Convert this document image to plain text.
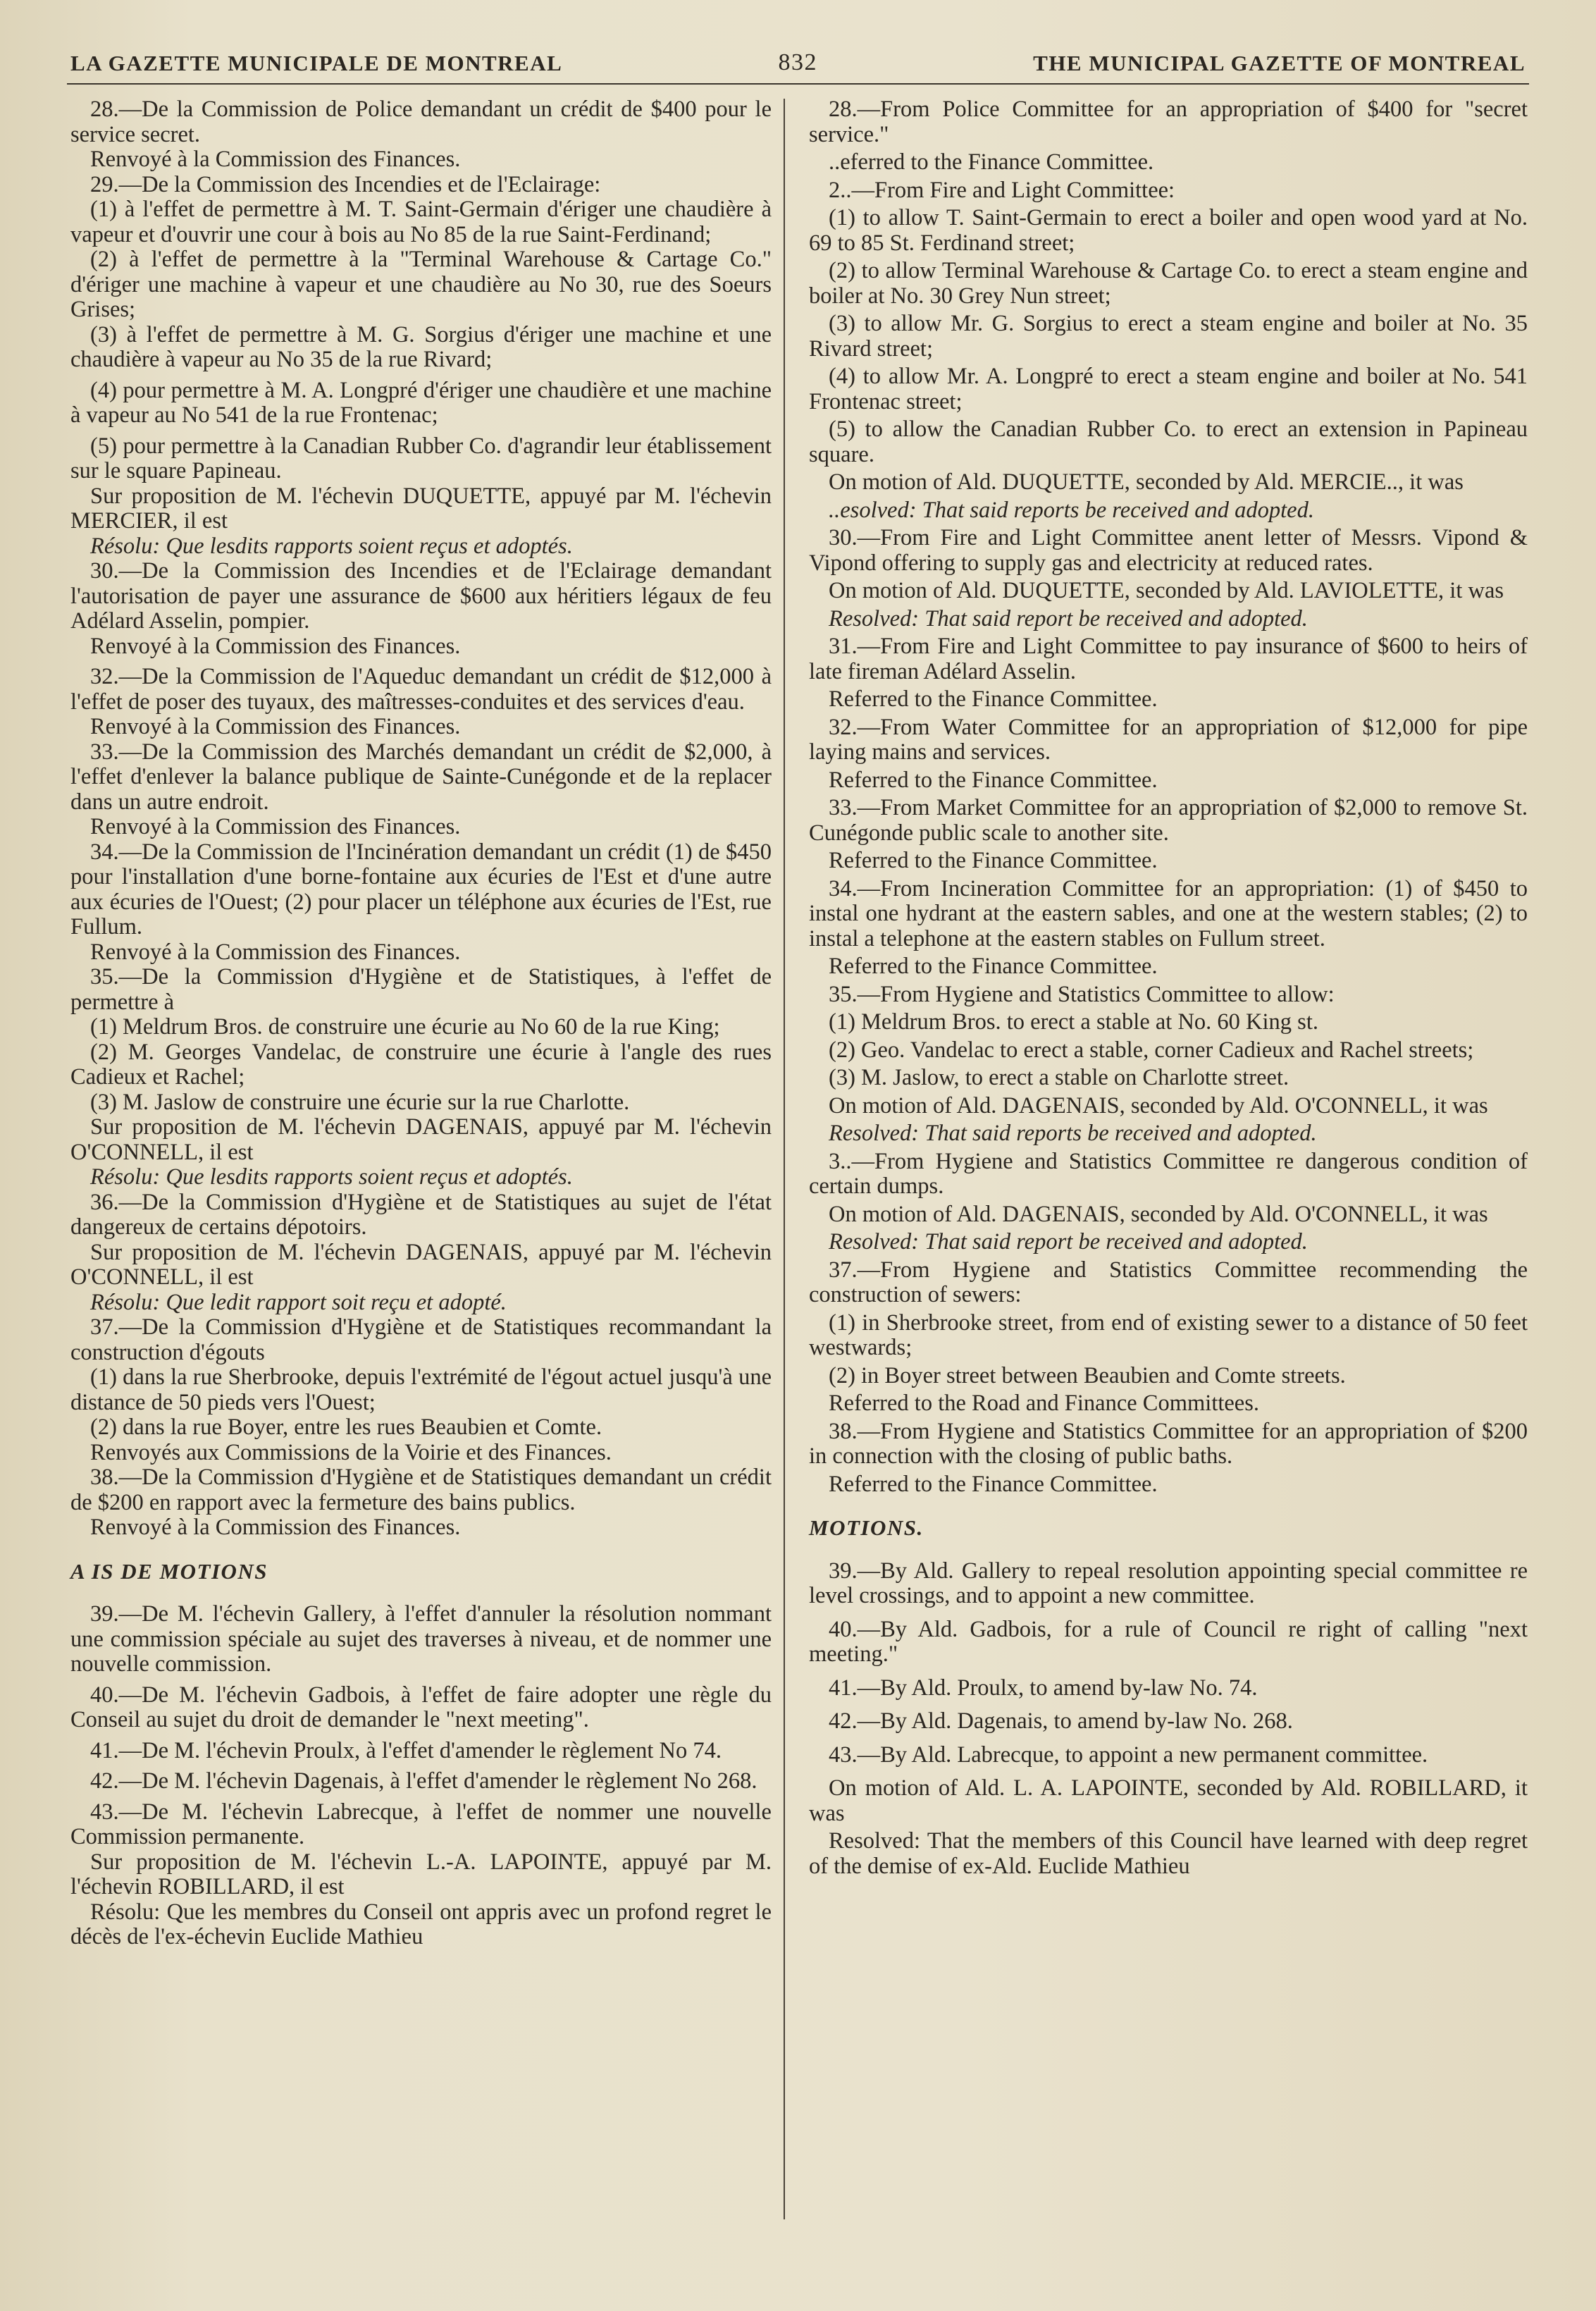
LA GAZETTE MUNICIPALE DE MONTREAL	832	THE MUNICIPAL GAZETTE OF MONTREAL

28.—De la Commission de Police demandant un crédit de $400 pour le service secret.

Renvoyé à la Commission des Finances.

29.—De la Commission des Incendies et de l'Eclairage:

(1) à l'effet de permettre à M. T. Saint-Germain d'ériger une chaudière à vapeur et d'ouvrir une cour à bois au No 85 de la rue Saint-Ferdinand;

(2) à l'effet de permettre à la "Terminal Warehouse & Cartage Co." d'ériger une machine à vapeur et une chaudière au No 30, rue des Soeurs Grises;

(3) à l'effet de permettre à M. G. Sorgius d'ériger une machine et une chaudière à vapeur au No 35 de la rue Rivard;

(4) pour permettre à M. A. Longpré d'ériger une chaudière et une machine à vapeur au No 541 de la rue Frontenac;

(5) pour permettre à la Canadian Rubber Co. d'agrandir leur établissement sur le square Papineau.

Sur proposition de M. l'échevin DUQUETTE, appuyé par M. l'échevin MERCIER, il est

Résolu: Que lesdits rapports soient reçus et adoptés.

30.—De la Commission des Incendies et de l'Eclairage demandant l'autorisation de payer une assurance de $600 aux héritiers légaux de feu Adélard Asselin, pompier.

Renvoyé à la Commission des Finances.

32.—De la Commission de l'Aqueduc demandant un crédit de $12,000 à l'effet de poser des tuyaux, des maîtresses-conduites et des services d'eau.

Renvoyé à la Commission des Finances.

33.—De la Commission des Marchés demandant un crédit de $2,000, à l'effet d'enlever la balance publique de Sainte-Cunégonde et de la replacer dans un autre endroit.

Renvoyé à la Commission des Finances.

34.—De la Commission de l'Incinération demandant un crédit (1) de $450 pour l'installation d'une borne-fontaine aux écuries de l'Est et d'une autre aux écuries de l'Ouest; (2) pour placer un téléphone aux écuries de l'Est, rue Fullum.

Renvoyé à la Commission des Finances.

35.—De la Commission d'Hygiène et de Statistiques, à l'effet de permettre à

(1) Meldrum Bros. de construire une écurie au No 60 de la rue King;

(2) M. Georges Vandelac, de construire une écurie à l'angle des rues Cadieux et Rachel;

(3) M. Jaslow de construire une écurie sur la rue Charlotte.

Sur proposition de M. l'échevin DAGENAIS, appuyé par M. l'échevin O'CONNELL, il est

Résolu: Que lesdits rapports soient reçus et adoptés.

36.—De la Commission d'Hygiène et de Statistiques au sujet de l'état dangereux de certains dépotoirs.

Sur proposition de M. l'échevin DAGENAIS, appuyé par M. l'échevin O'CONNELL, il est

Résolu: Que ledit rapport soit reçu et adopté.

37.—De la Commission d'Hygiène et de Statistiques recommandant la construction d'égouts

(1) dans la rue Sherbrooke, depuis l'extrémité de l'égout actuel jusqu'à une distance de 50 pieds vers l'Ouest;

(2) dans la rue Boyer, entre les rues Beaubien et Comte.

Renvoyés aux Commissions de la Voirie et des Finances.

38.—De la Commission d'Hygiène et de Statistiques demandant un crédit de $200 en rapport avec la fermeture des bains publics.

Renvoyé à la Commission des Finances.

A IS DE MOTIONS

39.—De M. l'échevin Gallery, à l'effet d'annuler la résolution nommant une commission spéciale au sujet des traverses à niveau, et de nommer une nouvelle commission.

40.—De M. l'échevin Gadbois, à l'effet de faire adopter une règle du Conseil au sujet du droit de demander le "next meeting".

41.—De M. l'échevin Proulx, à l'effet d'amender le règlement No 74.

42.—De M. l'échevin Dagenais, à l'effet d'amender le règlement No 268.

43.—De M. l'échevin Labrecque, à l'effet de nommer une nouvelle Commission permanente.

Sur proposition de M. l'échevin L.-A. LAPOINTE, appuyé par M. l'échevin ROBILLARD, il est

Résolu: Que les membres du Conseil ont appris avec un profond regret le décès de l'ex-échevin Euclide Mathieu

28.—From Police Committee for an appropriation of $400 for "secret service."

..eferred to the Finance Committee.

2..—From Fire and Light Committee:

(1) to allow T. Saint-Germain to erect a boiler and open wood yard at No. 69 to 85 St. Ferdinand street;

(2) to allow Terminal Warehouse & Cartage Co. to erect a steam engine and boiler at No. 30 Grey Nun street;

(3) to allow Mr. G. Sorgius to erect a steam engine and boiler at No. 35 Rivard street;

(4) to allow Mr. A. Longpré to erect a steam engine and boiler at No. 541 Frontenac street;

(5) to allow the Canadian Rubber Co. to erect an extension in Papineau square.

On motion of Ald. DUQUETTE, seconded by Ald. MERCIE.., it was

..esolved: That said reports be received and adopted.

30.—From Fire and Light Committee anent letter of Messrs. Vipond & Vipond offering to supply gas and electricity at reduced rates.

On motion of Ald. DUQUETTE, seconded by Ald. LAVIOLETTE, it was

Resolved: That said report be received and adopted.

31.—From Fire and Light Committee to pay insurance of $600 to heirs of late fireman Adélard Asselin.

Referred to the Finance Committee.

32.—From Water Committee for an appropriation of $12,000 for pipe laying mains and services.

Referred to the Finance Committee.

33.—From Market Committee for an appropriation of $2,000 to remove St. Cunégonde public scale to another site.

Referred to the Finance Committee.

34.—From Incineration Committee for an appropriation: (1) of $450 to instal one hydrant at the eastern sables, and one at the western stables; (2) to instal a telephone at the eastern stables on Fullum street.

Referred to the Finance Committee.

35.—From Hygiene and Statistics Committee to allow:

(1) Meldrum Bros. to erect a stable at No. 60 King st.

(2) Geo. Vandelac to erect a stable, corner Cadieux and Rachel streets;

(3) M. Jaslow, to erect a stable on Charlotte street.

On motion of Ald. DAGENAIS, seconded by Ald. O'CONNELL, it was

Resolved: That said reports be received and adopted.

3..—From Hygiene and Statistics Committee re dangerous condition of certain dumps.

On motion of Ald. DAGENAIS, seconded by Ald. O'CONNELL, it was

Resolved: That said report be received and adopted.

37.—From Hygiene and Statistics Committee recommending the construction of sewers:

(1) in Sherbrooke street, from end of existing sewer to a distance of 50 feet westwards;

(2) in Boyer street between Beaubien and Comte streets.

Referred to the Road and Finance Committees.

38.—From Hygiene and Statistics Committee for an appropriation of $200 in connection with the closing of public baths.

Referred to the Finance Committee.

MOTIONS.

39.—By Ald. Gallery to repeal resolution appointing special committee re level crossings, and to appoint a new committee.

40.—By Ald. Gadbois, for a rule of Council re right of calling "next meeting."

41.—By Ald. Proulx, to amend by-law No. 74.

42.—By Ald. Dagenais, to amend by-law No. 268.

43.—By Ald. Labrecque, to appoint a new permanent committee.

On motion of Ald. L. A. LAPOINTE, seconded by Ald. ROBILLARD, it was

Resolved: That the members of this Council have learned with deep regret of the demise of ex-Ald. Euclide Mathieu
